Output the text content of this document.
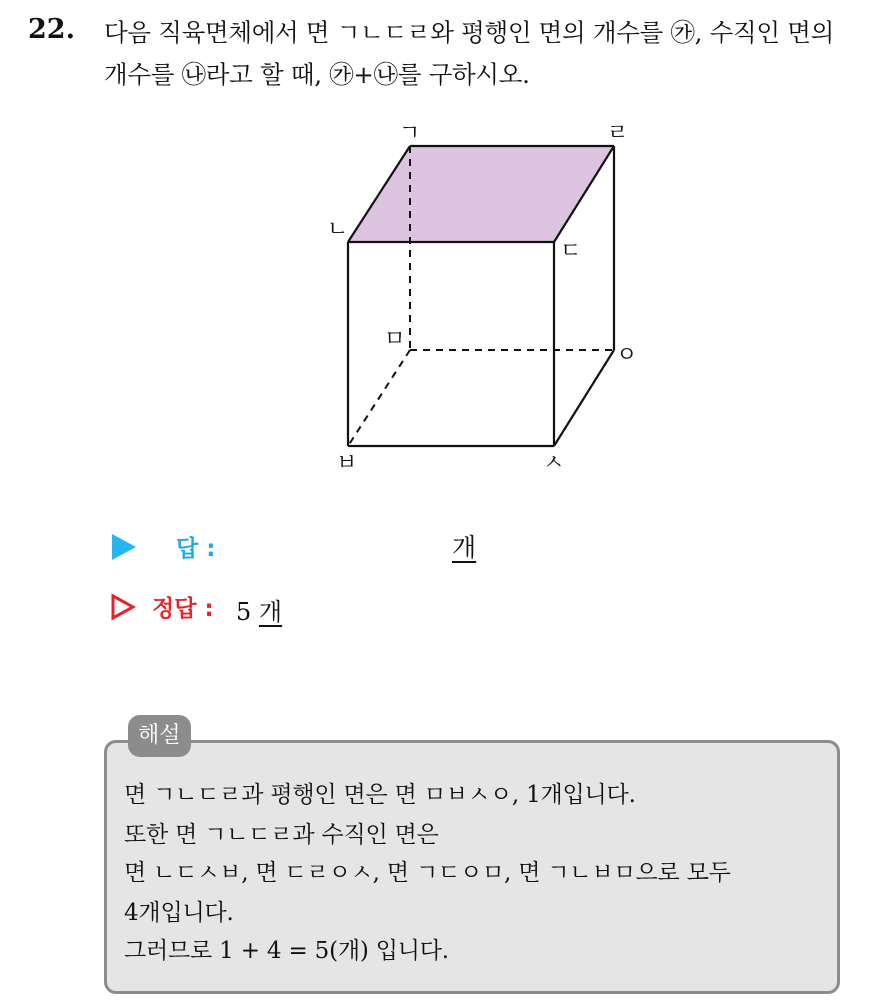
22. 다음 직육면체에서 면 ㄱㄴㄷㄹ와 평행인 면의 개수를 ㉮, 수직인 면의
개수를 ㉯라고 할 때, ㉮+㉯를 구하시오.
ㄱ	ㄹ
ㄴ
ㄷ
ㅁ
ㅇ
ㅂ	ㅅ
답 :	개
정답 : 5 개
해설
면 ㄱㄴㄷㄹ과 평행인 면은 면 ㅁㅂㅅㅇ, 1개입니다.
또한 면 ㄱㄴㄷㄹ과 수직인 면은
면 ㄴㄷㅅㅂ, 면 ㄷㄹㅇㅅ, 면 ㄱㄷㅇㅁ, 면 ㄱㄴㅂㅁ으로 모두
4개입니다.
그러므로 1 + 4 = 5(개) 입니다.
